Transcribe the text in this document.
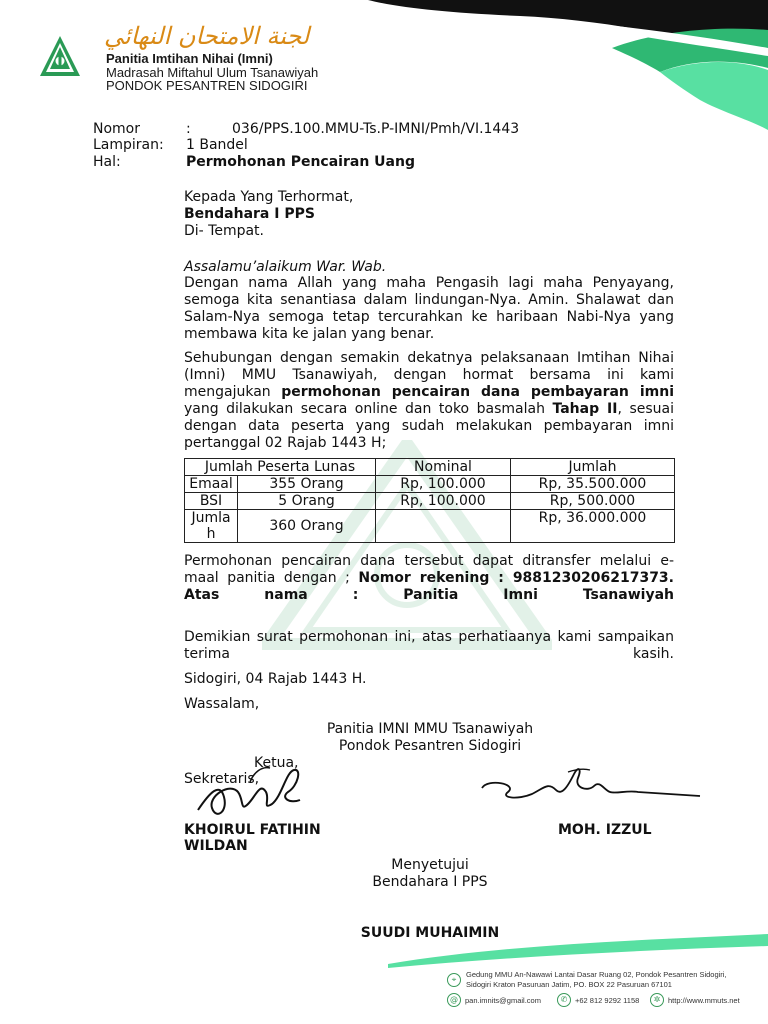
لجنة الامتحان النهائي
Panitia Imtihan Nihai (Imni)
Madrasah Miftahul Ulum Tsanawiyah
PONDOK PESANTREN SIDOGIRI
Nomor	:	036/PPS.100.MMU-Ts.P-IMNI/Pmh/VI.1443
Lampiran: 1 Bandel
Hal:	Permohonan Pencairan Uang
Kepada Yang Terhormat,
Bendahara I PPS
Di- Tempat.
Assalamu’alaikum War. Wab.
Dengan nama Allah yang maha Pengasih lagi maha Penyayang, semoga kita senantiasa dalam lindungan-Nya. Amin. Shalawat dan Salam-Nya semoga tetap tercurahkan ke haribaan Nabi-Nya yang membawa kita ke jalan yang benar.
Sehubungan dengan semakin dekatnya pelaksanaan Imtihan Nihai (Imni) MMU Tsanawiyah, dengan hormat bersama ini kami mengajukan permohonan pencairan dana pembayaran imni yang dilakukan secara online dan toko basmalah Tahap II, sesuai dengan data peserta yang sudah melakukan pembayaran imni pertanggal 02 Rajab 1443 H;
Jumlah Peserta Lunas		Nominal	Jumlah
Emaal	355 Orang	Rp, 100.000	Rp, 35.500.000
BSI	5 Orang	Rp, 100.000	Rp, 500.000
Jumlah	360 Orang		Rp, 36.000.000
Permohonan pencairan dana tersebut dapat ditransfer melalui e-maal panitia dengan ; Nomor rekening : 9881230206217373. Atas nama : Panitia Imni Tsanawiyah
Demikian surat permohonan ini, atas perhatiaanya kami sampaikan terima kasih.
Sidogiri, 04 Rajab 1443 H.
Wassalam,
Panitia IMNI MMU Tsanawiyah
Pondok Pesantren Sidogiri
Ketua,
Sekretaris,
KHOIRUL FATIHIN WILDAN
MOH. IZZUL
Menyetujui
Bendahara I PPS
SUUDI MUHAIMIN
⌖
Gedung MMU An-Nawawi Lantai Dasar Ruang 02, Pondok Pesantren Sidogiri,
Sidogiri Kraton Pasuruan Jatim, PO. BOX 22 Pasuruan 67101
@ pan.imnits@gmail.com	✆	+62 812 9292 1158	✲	http://www.mmuts.net
